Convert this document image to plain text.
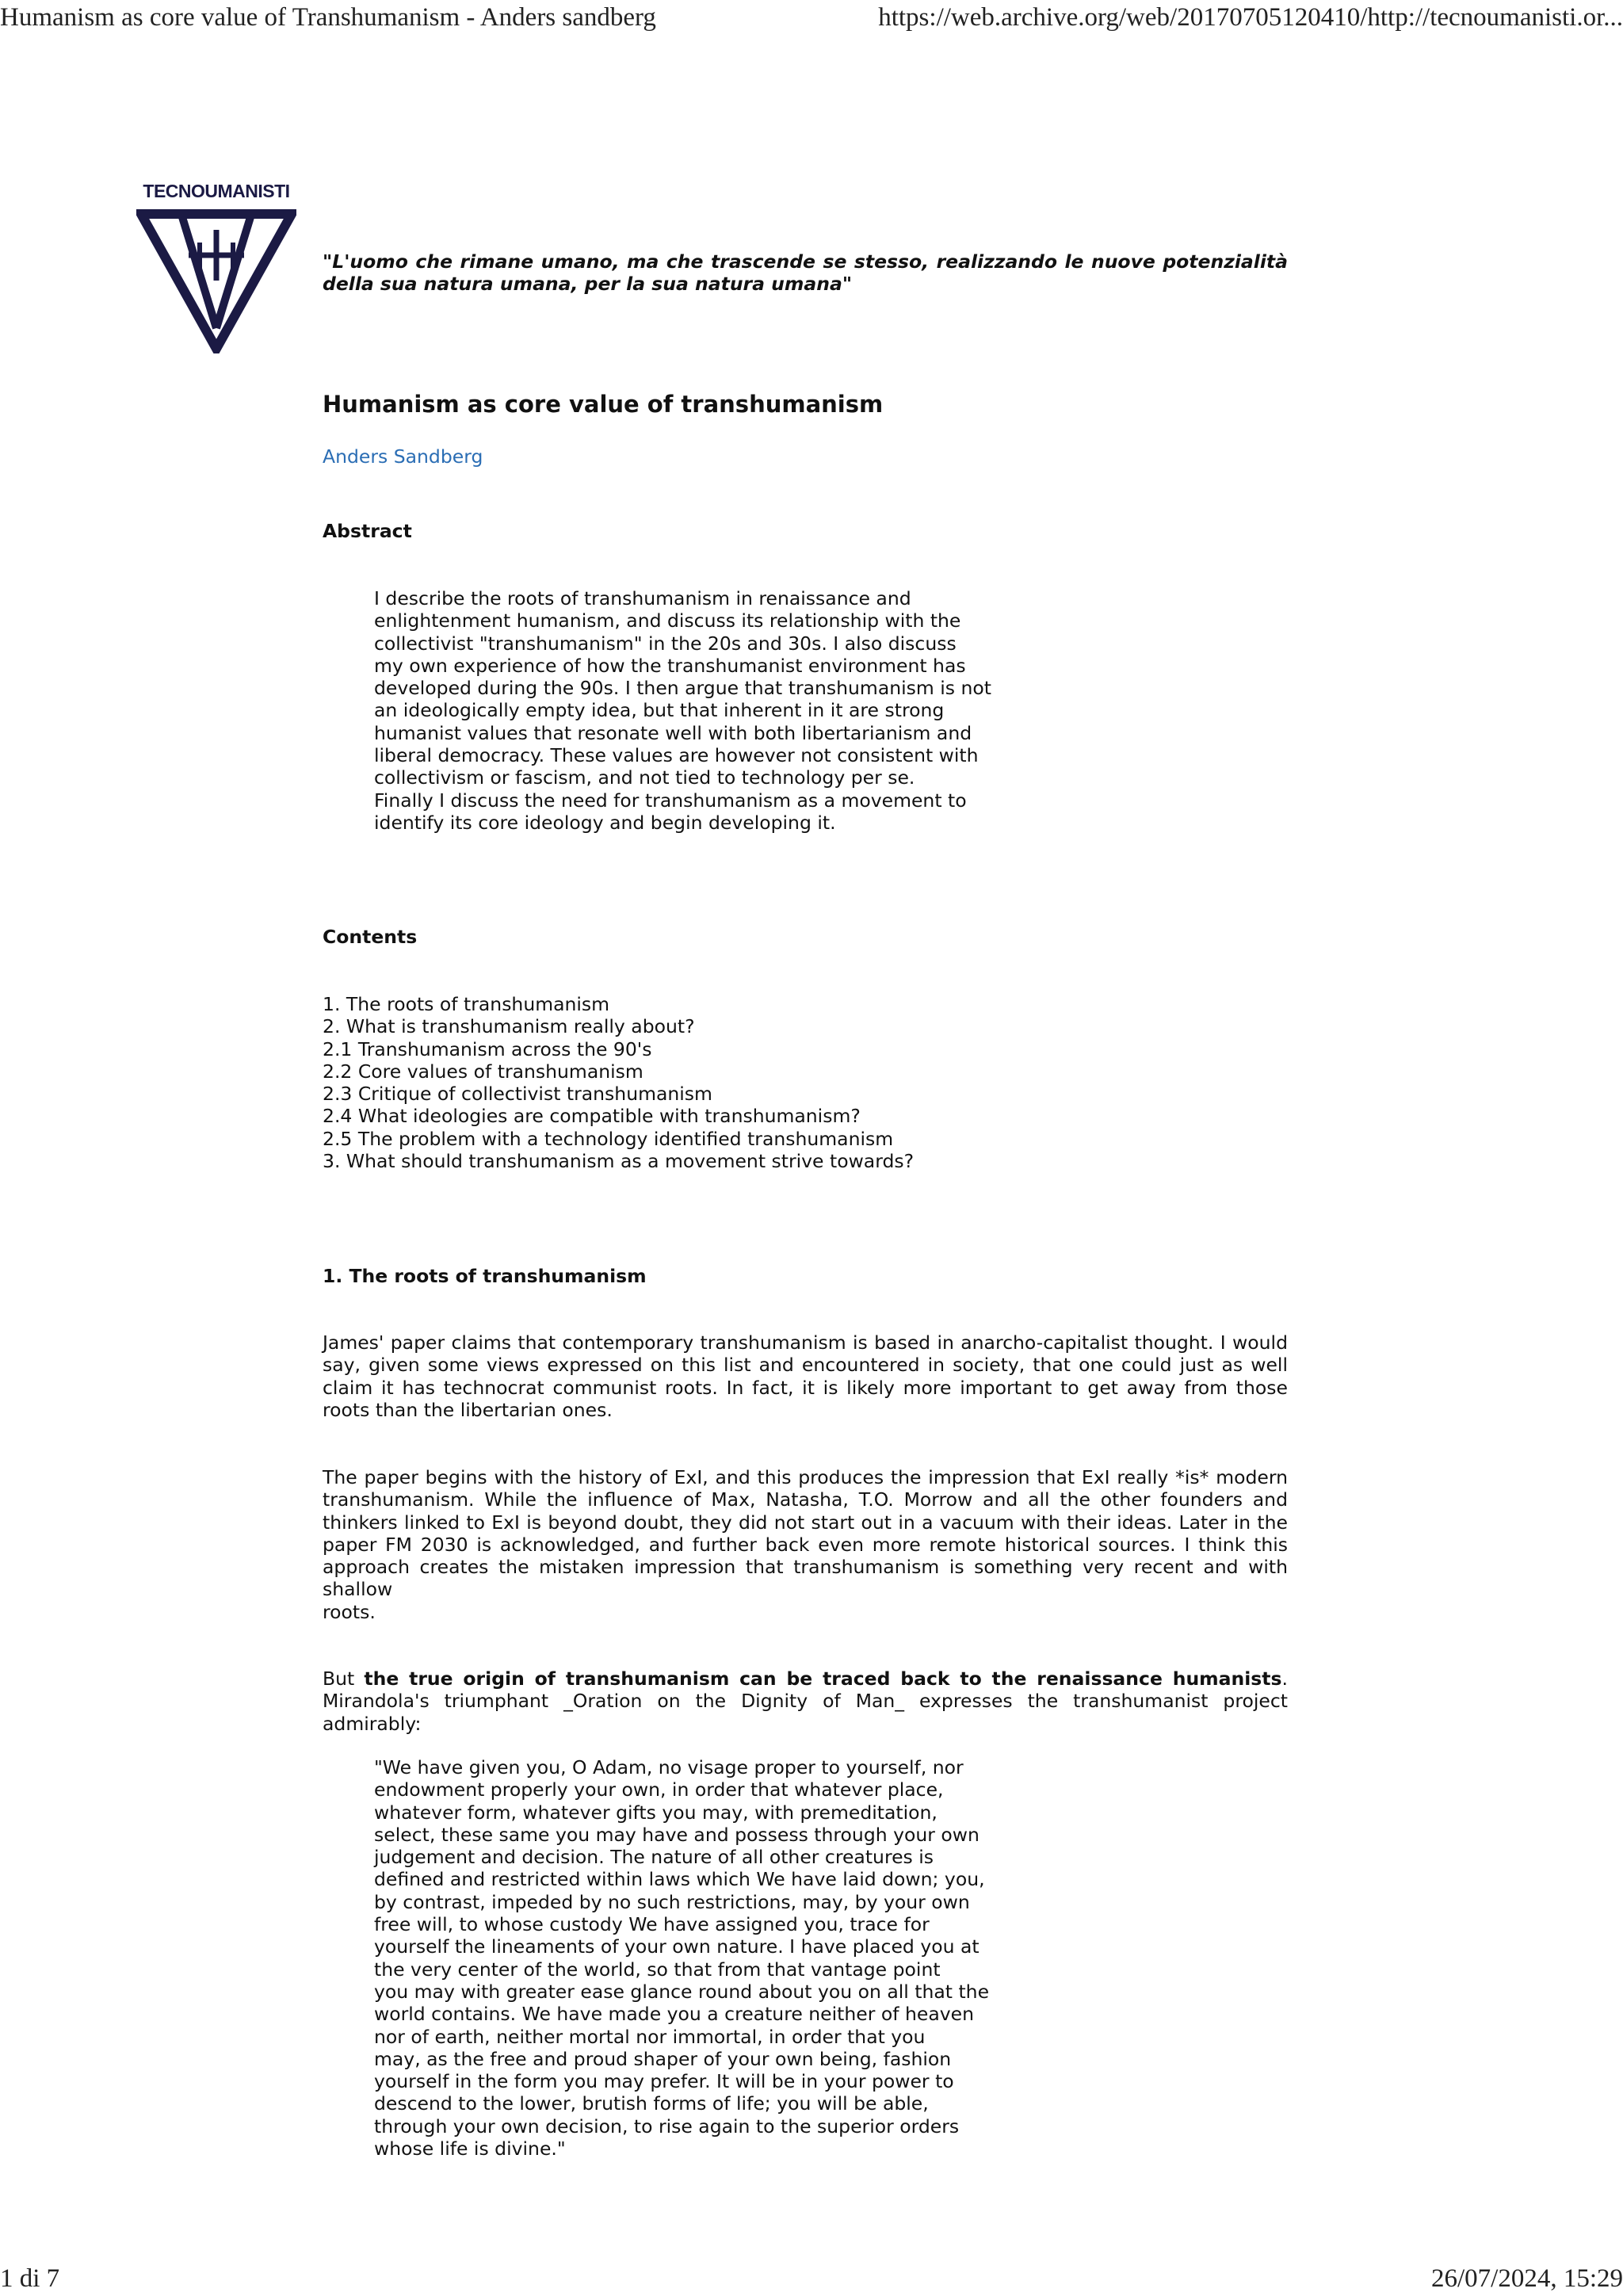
Humanism as core value of Transhumanism - Anders sandberg	https://web.archive.org/web/20170705120410/http://tecnoumanisti.or...
TECNOUMANISTI
"L'uomo che rimane umano, ma che trascende se stesso, realizzando le nuove potenzialità della sua natura umana, per la sua natura umana"
Humanism as core value of transhumanism
Anders Sandberg
Abstract
I describe the roots of transhumanism in renaissance and
enlightenment humanism, and discuss its relationship with the
collectivist "transhumanism" in the 20s and 30s. I also discuss
my own experience of how the transhumanist environment has
developed during the 90s. I then argue that transhumanism is not
an ideologically empty idea, but that inherent in it are strong
humanist values that resonate well with both libertarianism and
liberal democracy. These values are however not consistent with
collectivism or fascism, and not tied to technology per se.
Finally I discuss the need for transhumanism as a movement to
identify its core ideology and begin developing it.
Contents
1. The roots of transhumanism
2. What is transhumanism really about?
2.1 Transhumanism across the 90's
2.2 Core values of transhumanism
2.3 Critique of collectivist transhumanism
2.4 What ideologies are compatible with transhumanism?
2.5 The problem with a technology identified transhumanism
3. What should transhumanism as a movement strive towards?
1. The roots of transhumanism
James' paper claims that contemporary transhumanism is based in anarcho-capitalist thought. I would say, given some views expressed on this list and encountered in society, that one could just as well claim it has technocrat communist roots. In fact, it is likely more important to get away from those roots than the libertarian ones.
The paper begins with the history of ExI, and this produces the impression that ExI really *is* modern transhumanism. While the influence of Max, Natasha, T.O. Morrow and all the other founders and thinkers linked to ExI is beyond doubt, they did not start out in a vacuum with their ideas. Later in the paper FM 2030 is acknowledged, and further back even more remote historical sources. I think this approach creates the mistaken impression that transhumanism is something very recent and with shallow
roots.
But the true origin of transhumanism can be traced back to the renaissance humanists. Mirandola's triumphant _Oration on the Dignity of Man_ expresses the transhumanist project admirably:
"We have given you, O Adam, no visage proper to yourself, nor
endowment properly your own, in order that whatever place,
whatever form, whatever gifts you may, with premeditation,
select, these same you may have and possess through your own
judgement and decision. The nature of all other creatures is
defined and restricted within laws which We have laid down; you,
by contrast, impeded by no such restrictions, may, by your own
free will, to whose custody We have assigned you, trace for
yourself the lineaments of your own nature. I have placed you at
the very center of the world, so that from that vantage point
you may with greater ease glance round about you on all that the
world contains. We have made you a creature neither of heaven
nor of earth, neither mortal nor immortal, in order that you
may, as the free and proud shaper of your own being, fashion
yourself in the form you may prefer. It will be in your power to
descend to the lower, brutish forms of life; you will be able,
through your own decision, to rise again to the superior orders
whose life is divine."
1 di 7	26/07/2024, 15:29
